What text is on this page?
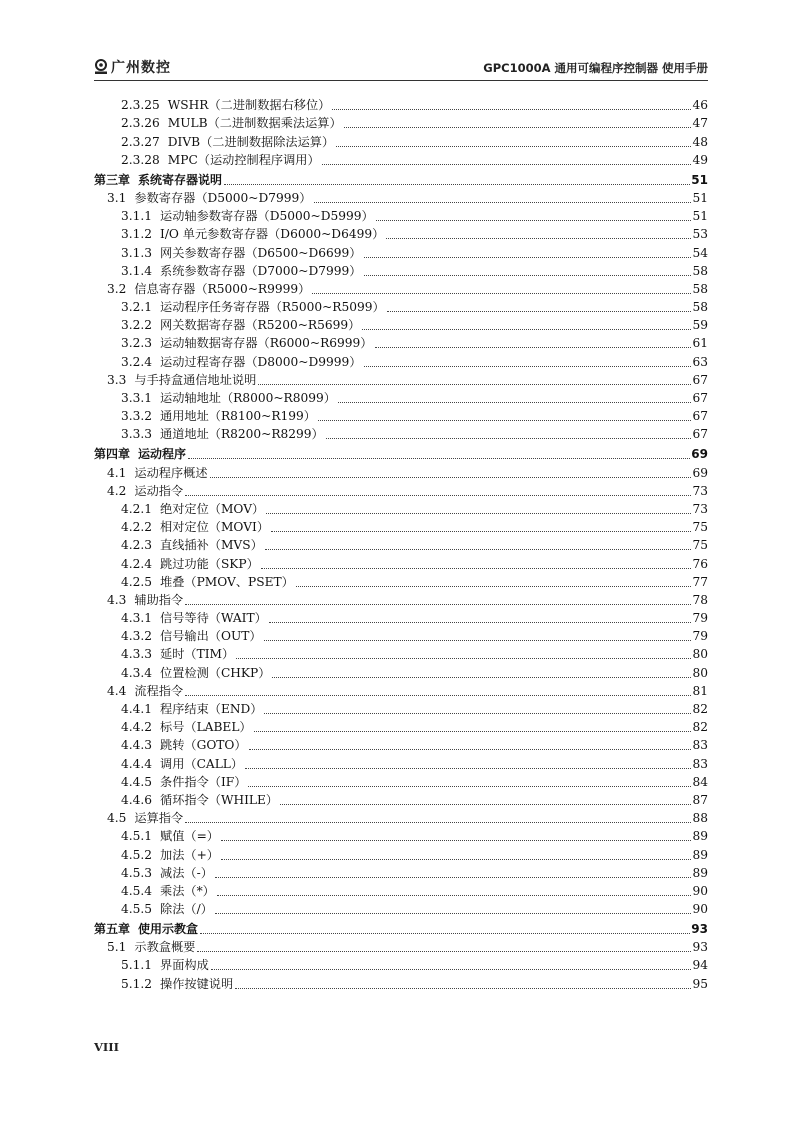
广州数控	GPC1000A 通用可编程序控制器 使用手册
2.3.25 WSHR（二进制数据右移位）	46
2.3.26 MULB（二进制数据乘法运算）	47
2.3.27 DIVB（二进制数据除法运算）	48
2.3.28 MPC（运动控制程序调用）	49
第三章 系统寄存器说明	51
3.1 参数寄存器（D5000~D7999）	51
3.1.1 运动轴参数寄存器（D5000~D5999）	51
3.1.2 I/O 单元参数寄存器（D6000~D6499）	53
3.1.3 网关参数寄存器（D6500~D6699）	54
3.1.4 系统参数寄存器（D7000~D7999）	58
3.2 信息寄存器（R5000~R9999）	58
3.2.1 运动程序任务寄存器（R5000~R5099）	58
3.2.2 网关数据寄存器（R5200~R5699）	59
3.2.3 运动轴数据寄存器（R6000~R6999）	61
3.2.4 运动过程寄存器（D8000~D9999）	63
3.3 与手持盒通信地址说明	67
3.3.1 运动轴地址（R8000~R8099）	67
3.3.2 通用地址（R8100~R199）	67
3.3.3 通道地址（R8200~R8299）	67
第四章 运动程序	69
4.1 运动程序概述	69
4.2 运动指令	73
4.2.1 绝对定位（MOV）	73
4.2.2 相对定位（MOVI）	75
4.2.3 直线插补（MVS）	75
4.2.4 跳过功能（SKP）	76
4.2.5 堆叠（PMOV、PSET）	77
4.3 辅助指令	78
4.3.1 信号等待（WAIT）	79
4.3.2 信号输出（OUT）	79
4.3.3 延时（TIM）	80
4.3.4 位置检测（CHKP）	80
4.4 流程指令	81
4.4.1 程序结束（END）	82
4.4.2 标号（LABEL）	82
4.4.3 跳转（GOTO）	83
4.4.4 调用（CALL）	83
4.4.5 条件指令（IF）	84
4.4.6 循环指令（WHILE）	87
4.5 运算指令	88
4.5.1 赋值（=）	89
4.5.2 加法（+）	89
4.5.3 减法（-）	89
4.5.4 乘法（*）	90
4.5.5 除法（/）	90
第五章 使用示教盒	93
5.1 示教盒概要	93
5.1.1 界面构成	94
5.1.2 操作按键说明	95
VIII
